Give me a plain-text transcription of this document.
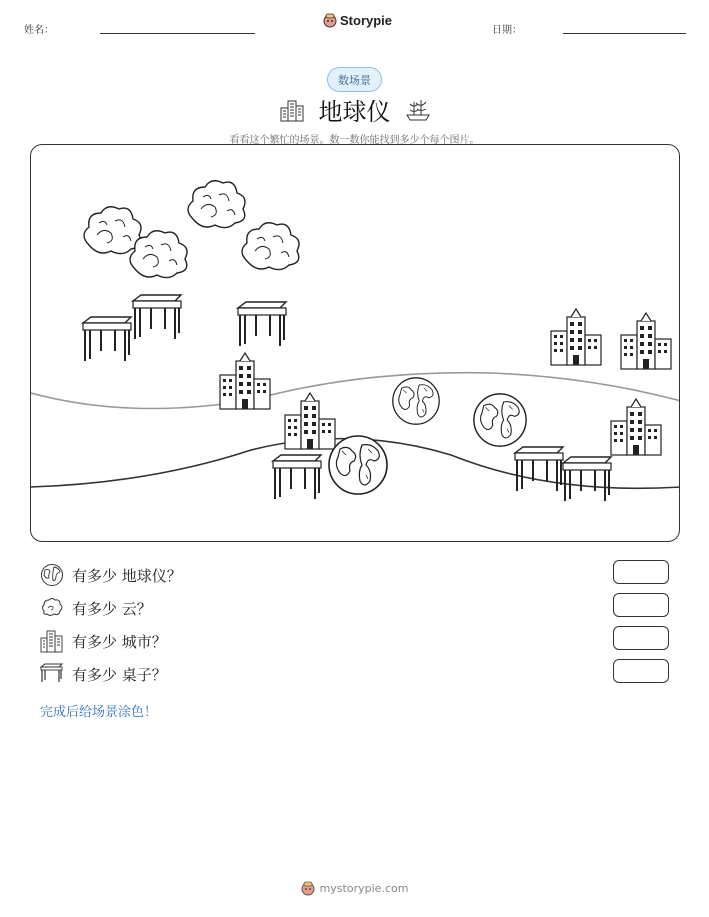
姓名：
Storypie
日期：
数场景
地球仪
看看这个繁忙的场景。数一数你能找到多少个每个图片。
有多少 地球仪？
有多少 云？
有多少 城市？
有多少 桌子？
完成后给场景涂色！
mystorypie.com
